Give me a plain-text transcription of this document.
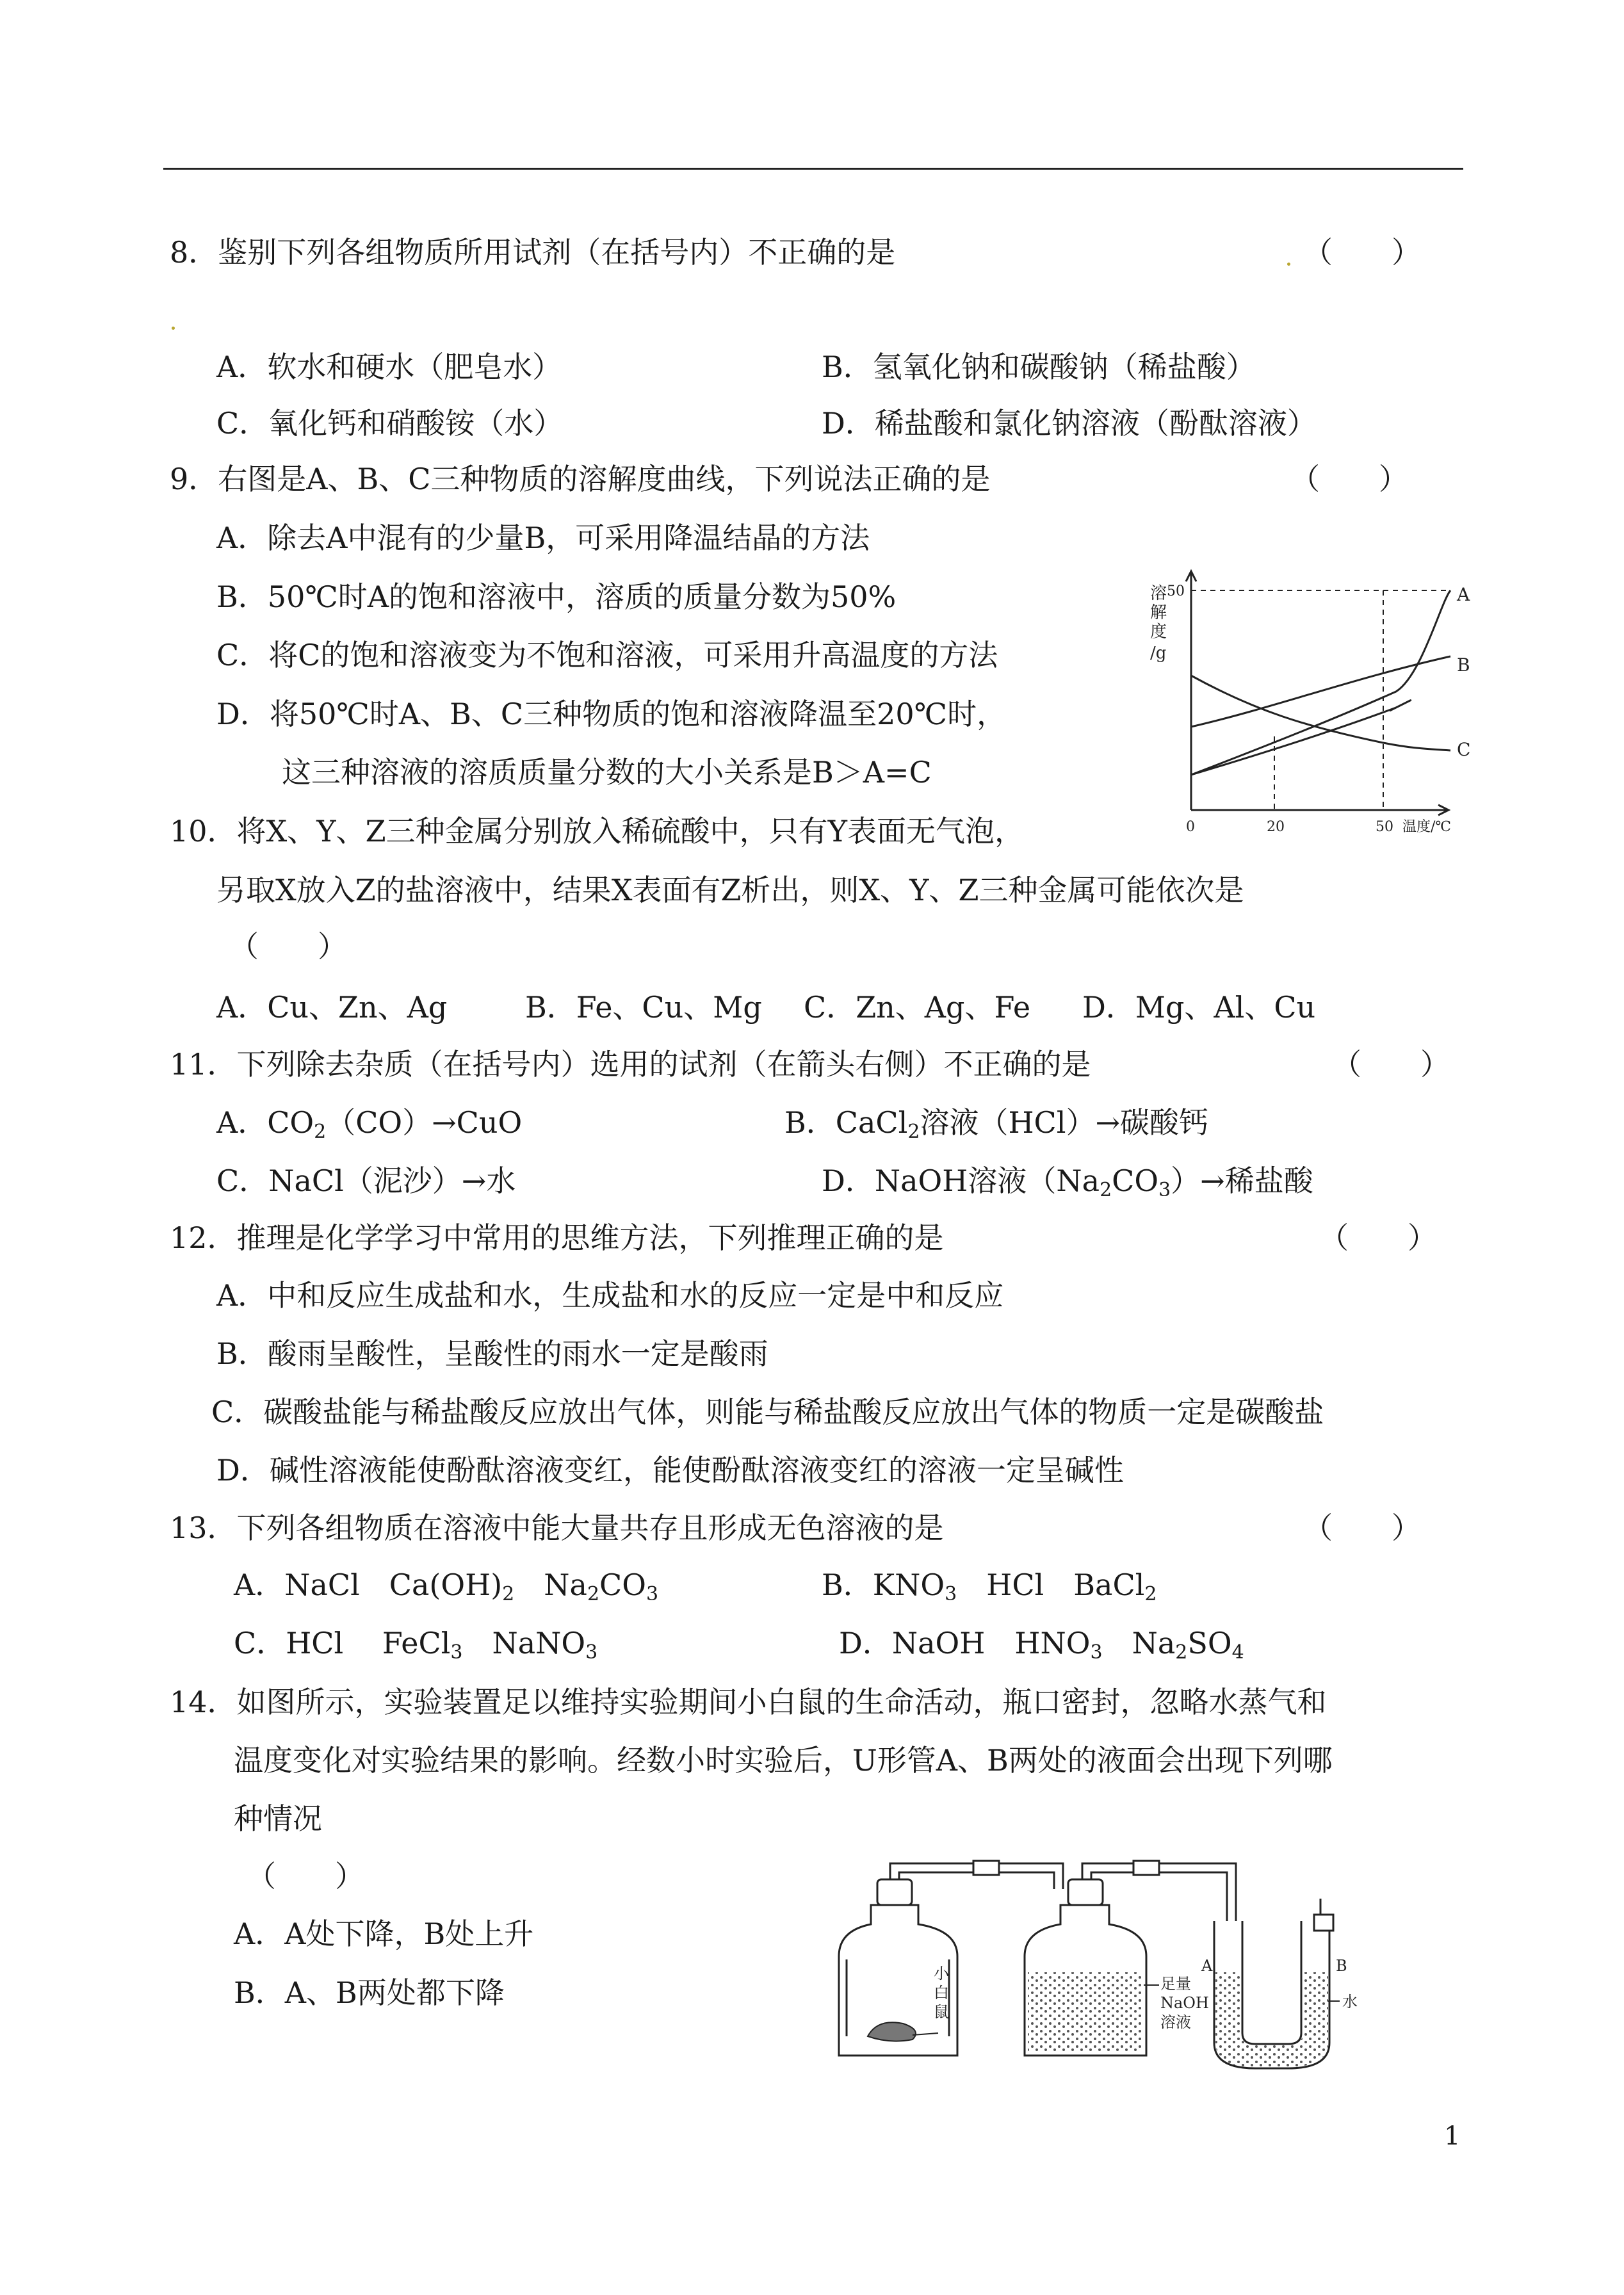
8．鉴别下列各组物质所用试剂（在括号内）不正确的是	（　　）
A．软水和硬水（肥皂水）	B．氢氧化钠和碳酸钠（稀盐酸）
C．氧化钙和硝酸铵（水）	D．稀盐酸和氯化钠溶液（酚酞溶液）
9．右图是A、B、C三种物质的溶解度曲线，下列说法正确的是	（　　）
A．除去A中混有的少量B，可采用降温结晶的方法
B．50℃时A的饱和溶液中，溶质的质量分数为50%
C．将C的饱和溶液变为不饱和溶液，可采用升高温度的方法
D．将50℃时A、B、C三种物质的饱和溶液降温至20℃时，
这三种溶液的溶质质量分数的大小关系是B＞A=C
溶
解
度
/g
50
0	20	50 温度/℃
A
B
C
10．将X、Y、Z三种金属分别放入稀硫酸中，只有Y表面无气泡，
另取X放入Z的盐溶液中，结果X表面有Z析出，则X、Y、Z三种金属可能依次是
（　　）
A．Cu、Zn、Ag	B．Fe、Cu、Mg C．Zn、Ag、Fe D．Mg、Al、Cu
11．下列除去杂质（在括号内）选用的试剂（在箭头右侧）不正确的是	（　　）
A．$CO_2(CO)\to CuO$	B．CaCl$_2$溶液（HCl）→碳酸钙
C．NaCl（泥沙）→水	D．NaOH溶液$(Na_2CO_3)\to$稀盐酸
12．推理是化学学习中常用的思维方法，下列推理正确的是	（　　）
A．中和反应生成盐和水，生成盐和水的反应一定是中和反应
B．酸雨呈酸性，呈酸性的雨水一定是酸雨
C．碳酸盐能与稀盐酸反应放出气体，则能与稀盐酸反应放出气体的物质一定是碳酸盐
D．碱性溶液能使酚酞溶液变红，能使酚酞溶液变红的溶液一定呈碱性
13．下列各组物质在溶液中能大量共存且形成无色溶液的是	（　　）
A．NaCl　$Ca(OH)_2$　$Na_2CO_3$	B．$KNO_3$　HCl　BaCl$_2$
C．HCl　 FeCl$_3$　NaNO$_3$	D．NaOH　$HNO_3$　$Na_2SO_4$
14．如图所示，实验装置足以维持实验期间小白鼠的生命活动，瓶口密封，忽略水蒸气和
温度变化对实验结果的影响。经数小时实验后，U形管A、B两处的液面会出现下列哪
种情况
（　　）
A．A处下降，B处上升
B．A、B两处都下降
小
白
鼠
足量
NaOH
溶液
A	B
水
1
